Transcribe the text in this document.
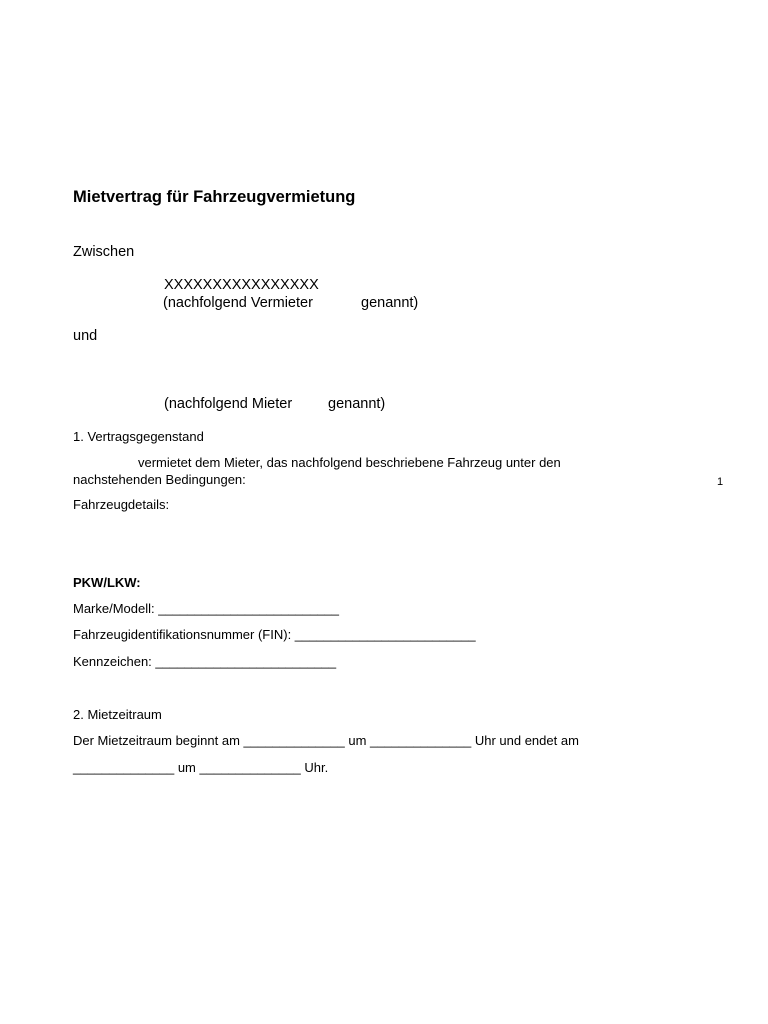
Mietvertrag für Fahrzeugvermietung
Zwischen
XXXXXXXXXXXXXXXX
(nachfolgend Vermieter	genannt)
und
(nachfolgend Mieter genannt)
1. Vertragsgegenstand
vermietet dem Mieter, das nachfolgend beschriebene Fahrzeug unter den
nachstehenden Bedingungen:	1
Fahrzeugdetails:
PKW/LKW:
Marke/Modell: _________________________
Fahrzeugidentifikationsnummer (FIN): _________________________
Kennzeichen: _________________________
2. Mietzeitraum
Der Mietzeitraum beginnt am ______________ um ______________ Uhr und endet am
______________ um ______________ Uhr.
